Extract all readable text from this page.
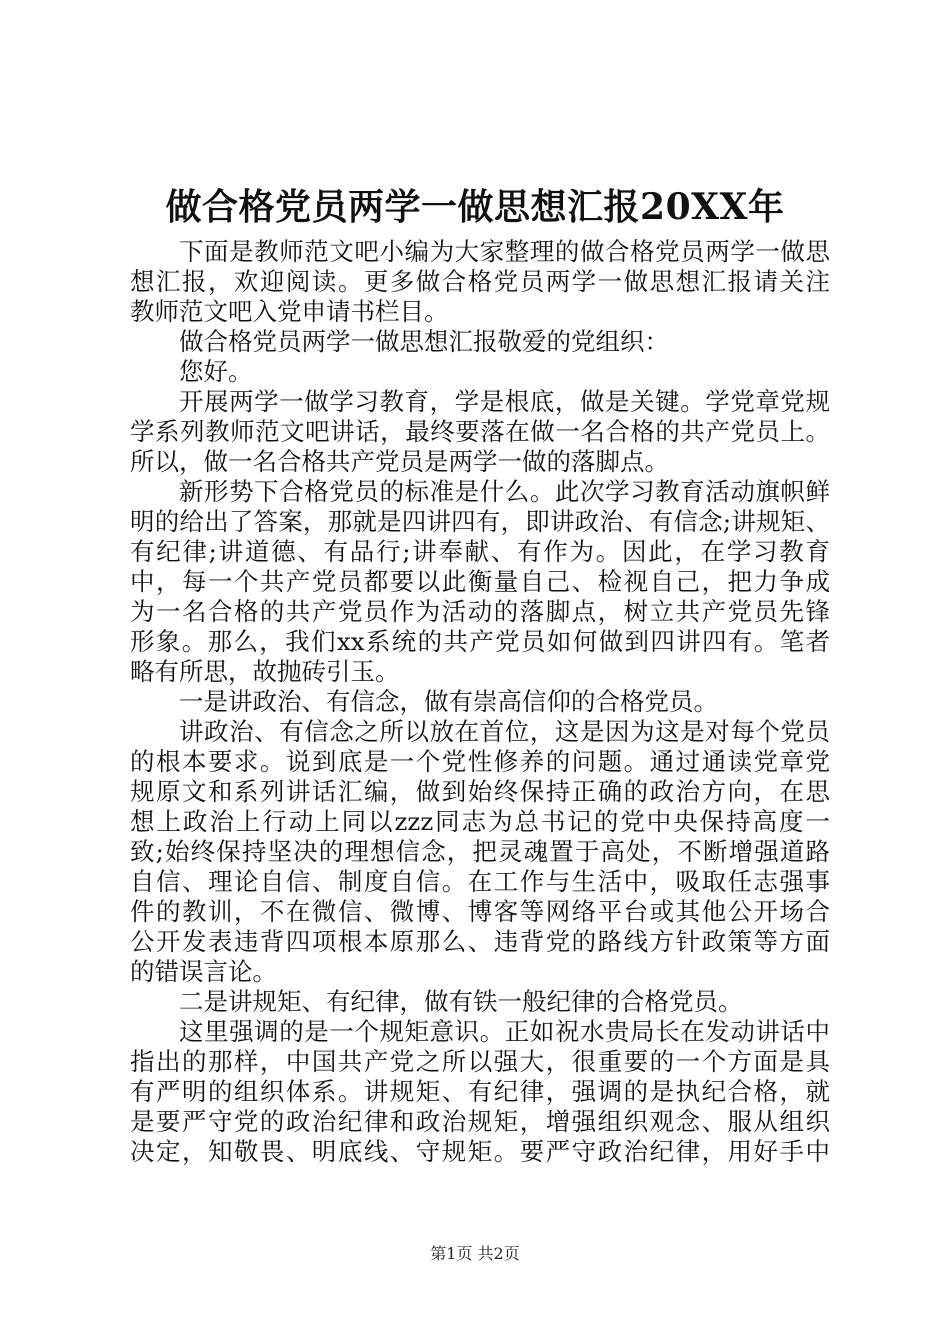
做合格党员两学一做思想汇报20XX年
下面是教师范文吧小编为大家整理的做合格党员两学一做思
想汇报，欢迎阅读。更多做合格党员两学一做思想汇报请关注
教师范文吧入党申请书栏目。
做合格党员两学一做思想汇报敬爱的党组织：
您好。
开展两学一做学习教育，学是根底，做是关键。学党章党规
学系列教师范文吧讲话，最终要落在做一名合格的共产党员上。
所以，做一名合格共产党员是两学一做的落脚点。
新形势下合格党员的标准是什么。此次学习教育活动旗帜鲜
明的给出了答案，那就是四讲四有，即讲政治、有信念;讲规矩、
有纪律;讲道德、有品行;讲奉献、有作为。因此，在学习教育
中，每一个共产党员都要以此衡量自己、检视自己，把力争成
为一名合格的共产党员作为活动的落脚点，树立共产党员先锋
形象。那么，我们xx系统的共产党员如何做到四讲四有。笔者
略有所思，故抛砖引玉。
一是讲政治、有信念，做有崇高信仰的合格党员。
讲政治、有信念之所以放在首位，这是因为这是对每个党员
的根本要求。说到底是一个党性修养的问题。通过通读党章党
规原文和系列讲话汇编，做到始终保持正确的政治方向，在思
想上政治上行动上同以zzz同志为总书记的党中央保持高度一
致;始终保持坚决的理想信念，把灵魂置于高处，不断增强道路
自信、理论自信、制度自信。在工作与生活中，吸取任志强事
件的教训，不在微信、微博、博客等网络平台或其他公开场合
公开发表违背四项根本原那么、违背党的路线方针政策等方面
的错误言论。
二是讲规矩、有纪律，做有铁一般纪律的合格党员。
这里强调的是一个规矩意识。正如祝水贵局长在发动讲话中
指出的那样，中国共产党之所以强大，很重要的一个方面是具
有严明的组织体系。讲规矩、有纪律，强调的是执纪合格，就
是要严守党的政治纪律和政治规矩，增强组织观念、服从组织
决定，知敬畏、明底线、守规矩。要严守政治纪律，用好手中
第1页 共2页
